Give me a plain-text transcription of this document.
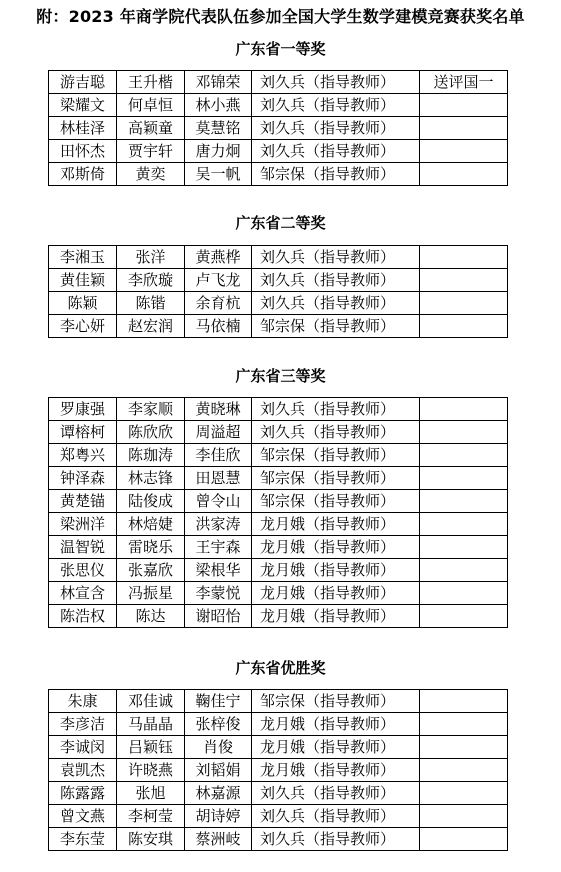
附：2023 年商学院代表队伍参加全国大学生数学建模竞赛获奖名单
广东省一等奖
游吉聪	王升楷	邓锦荣	刘久兵（指导教师）	送评国一
梁耀文	何卓恒	林小燕	刘久兵（指导教师）	
林桂泽	高颖童	莫慧铭	刘久兵（指导教师）	
田怀杰	贾宇轩	唐力炯	刘久兵（指导教师）	
邓斯倚	黄奕	吴一帆	邹宗保（指导教师）	
广东省二等奖
李湘玉	张洋	黄燕桦	刘久兵（指导教师）	
黄佳颖	李欣璇	卢飞龙	刘久兵（指导教师）	
陈颖	陈锴	余育杭	刘久兵（指导教师）	
李心妍	赵宏润	马依楠	邹宗保（指导教师）	
广东省三等奖
罗康强	李家顺	黄晓琳	刘久兵（指导教师）	
谭榕柯	陈欣欣	周溢超	刘久兵（指导教师）	
郑粤兴	陈珈涛	李佳欣	邹宗保（指导教师）	
钟泽森	林志锋	田恩慧	邹宗保（指导教师）	
黄楚锚	陆俊成	曾令山	邹宗保（指导教师）	
梁洲洋	林焙婕	洪家涛	龙月娥（指导教师）	
温智锐	雷晓乐	王宇森	龙月娥（指导教师）	
张思仪	张嘉欣	梁根华	龙月娥（指导教师）	
林宣含	冯振星	李蒙悦	龙月娥（指导教师）	
陈浩权	陈达	谢昭怡	龙月娥（指导教师）	
广东省优胜奖
朱康	邓佳诚	鞠佳宁	邹宗保（指导教师）	
李彦洁	马晶晶	张梓俊	龙月娥（指导教师）	
李诚闵	吕颖钰	肖俊	龙月娥（指导教师）	
袁凯杰	许晓燕	刘韬娟	龙月娥（指导教师）	
陈露露	张旭	林嘉源	刘久兵（指导教师）	
曾文燕	李柯莹	胡诗婷	刘久兵（指导教师）	
李东莹	陈安琪	蔡洲岐	刘久兵（指导教师）	
